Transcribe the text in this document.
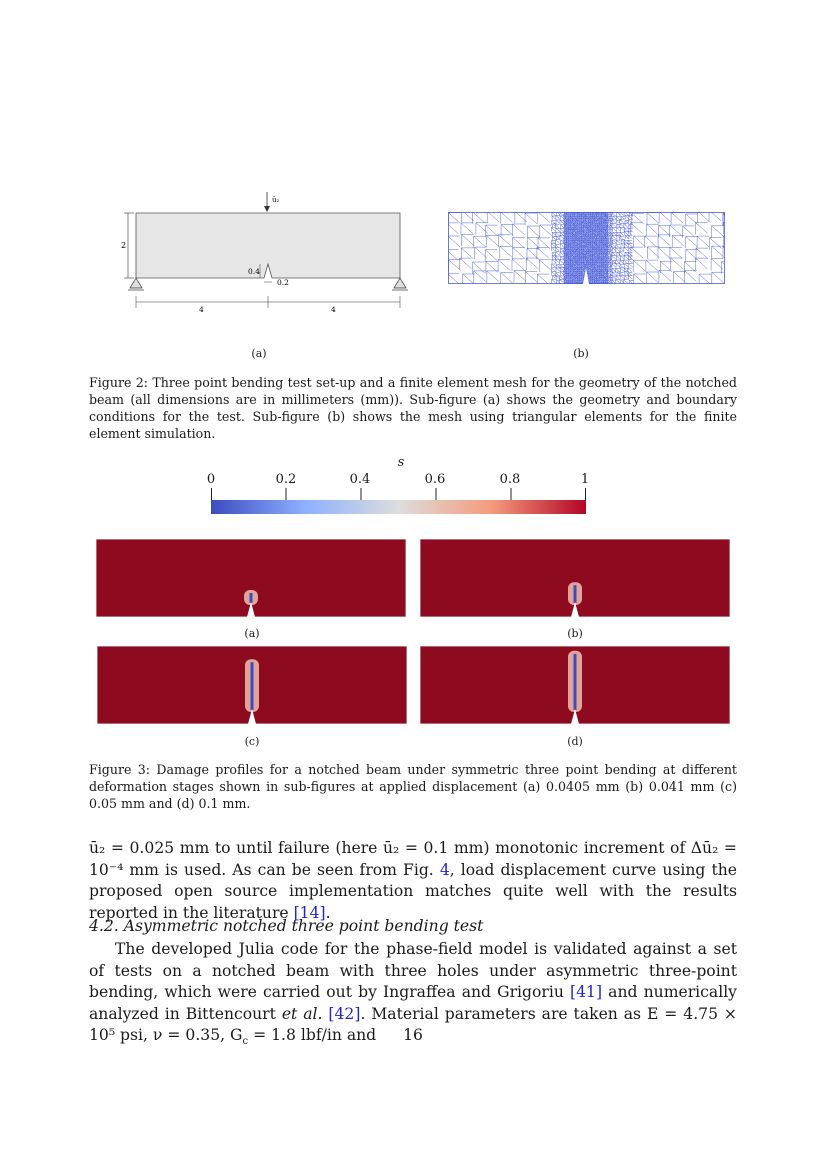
ū₂
2
0.4
0.2
4	4
(a)	(b)
Figure 2: Three point bending test set-up and a finite element mesh for the geometry of the notched beam (all dimensions are in millimeters (mm)). Sub-figure (a) shows the geometry and boundary conditions for the test. Sub-figure (b) shows the mesh using triangular elements for the finite element simulation.
s
0	0.2	0.4	0.6	0.8	1
(a)	(b)
(c)	(d)
Figure 3: Damage profiles for a notched beam under symmetric three point bending at different deformation stages shown in sub-figures at applied displacement (a) 0.0405 mm (b) 0.041 mm (c) 0.05 mm and (d) 0.1 mm.
ū₂ = 0.025 mm to until failure (here ū₂ = 0.1 mm) monotonic increment of Δū₂ = 10⁻⁴ mm is used. As can be seen from Fig. 4, load displacement curve using the proposed open source implementation matches quite well with the results reported in the literature [14].
4.2. Asymmetric notched three point bending test
The developed Julia code for the phase-field model is validated against a set of tests on a notched beam with three holes under asymmetric three-point bending, which were carried out by Ingraffea and Grigoriu [41] and numerically analyzed in Bittencourt et al. [42]. Material parameters are taken as E = 4.75 × 10⁵ psi, ν = 0.35, $G_c = 1.8$ lbf/in and	16
